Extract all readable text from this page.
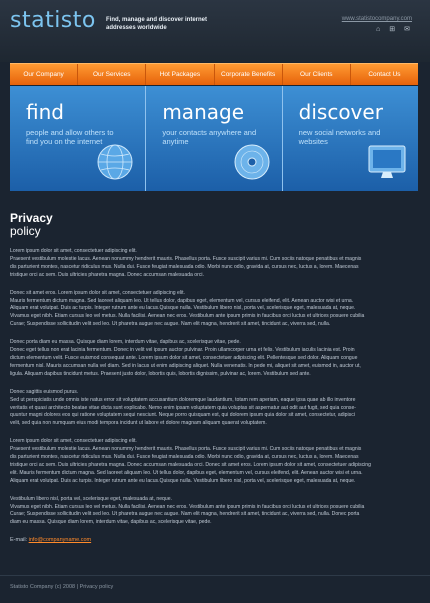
statisto Find, manage and discover internet addresses worldwide
www.statistocompany.com
⌂ ⊞ ✉
Our Company	Our Services	Hot Packages	Corporate Benefits	Our Clients	Contact Us
find
people and allow others to find you on the internet
manage
your contacts anywhere and anytime
discover
new social networks and websites
Privacy
policy

Lorem ipsum dolor sit amet, consectetuer adipiscing elit.

Praesent vestibulum molestie lacus. Aenean nonummy hendrerit mauris. Phasellus porta. Fusce suscipit varius mi. Cum sociis natoque penatibus et magnis

dis parturient montes, nascetur ridiculus mus. Nulla dui. Fusce feugiat malesuada odio. Morbi nunc odio, gravida at, cursus nec, luctus a, lorem. Maecenas

tristique orci ac sem. Duis ultricies pharetra magna. Donec accumsan malesuada orci.

Donec sit amet eros. Lorem ipsum dolor sit amet, consectetuer adipiscing elit.

Mauris fermentum dictum magna. Sed laoreet aliquam leo. Ut tellus dolor, dapibus eget, elementum vel, cursus eleifend, elit. Aenean auctor wisi et urna.

Aliquam erat volutpat. Duis ac turpis. Integer rutrum ante eu lacus.Quisque nulla. Vestibulum libero nisl, porta vel, scelerisque eget, malesuada at, neque.

Vivamus eget nibh. Etiam cursus leo vel metus. Nulla facilisi. Aenean nec eros. Vestibulum ante ipsum primis in faucibus orci luctus et ultrices posuere cubilia

Curae; Suspendisse sollicitudin velit sed leo. Ut pharetra augue nec augue. Nam elit magna, hendrerit sit amet, tincidunt ac, viverra sed, nulla.

Donec porta diam eu massa. Quisque diam lorem, interdum vitae, dapibus ac, scelerisque vitae, pede.

Donec eget tellus non erat lacinia fermentum. Donec in velit vel ipsum auctor pulvinar. Proin ullamcorper urna et felis. Vestibulum iaculis lacinia est. Proin

dictum elementum velit. Fusce euismod consequat ante. Lorem ipsum dolor sit amet, consectetuer adipiscing elit. Pellentesque sed dolor. Aliquam congue

fermentum nisl. Mauris accumsan nulla vel diam. Sed in lacus ut enim adipiscing aliquet. Nulla venenatis. In pede mi, aliquet sit amet, euismod in, auctor ut,

ligula. Aliquam dapibus tincidunt metus. Praesent justo dolor, lobortis quis, lobortis dignissim, pulvinar ac, lorem. Vestibulum sed ante.

Donec sagittis euismod purus.

Sed ut perspiciatis unde omnis iste natus error sit voluptatem accusantium doloremque laudantium, totam rem aperiam, eaque ipsa quae ab illo inventore

veritatis et quasi architecto beatae vitae dicta sunt explicabo. Nemo enim ipsam voluptatem quia voluptas sit aspernatur aut odit aut fugit, sed quia conse-

quuntur magni dolores eos qui ratione voluptatem sequi nesciunt. Neque porro quisquam est, qui dolorem ipsum quia dolor sit amet, consectetur, adipisci

velit, sed quia non numquam eius modi tempora incidunt ut labore et dolore magnam aliquam quaerat voluptatem.

Lorem ipsum dolor sit amet, consectetuer adipiscing elit.

Praesent vestibulum molestie lacus. Aenean nonummy hendrerit mauris. Phasellus porta. Fusce suscipit varius mi. Cum sociis natoque penatibus et magnis

dis parturient montes, nascetur ridiculus mus. Nulla dui. Fusce feugiat malesuada odio. Morbi nunc odio, gravida at, cursus nec, luctus a, lorem. Maecenas

tristique orci ac sem. Duis ultricies pharetra magna. Donec accumsan malesuada orci. Donec sit amet eros. Lorem ipsum dolor sit amet, consectetuer adipiscing

elit. Mauris fermentum dictum magna. Sed laoreet aliquam leo. Ut tellus dolor, dapibus eget, elementum vel, cursus eleifend, elit. Aenean auctor wisi et urna.

Aliquam erat volutpat. Duis ac turpis. Integer rutrum ante eu lacus.Quisque nulla. Vestibulum libero nisl, porta vel, scelerisque eget, malesuada at, neque.

Vestibulum libero nisl, porta vel, scelerisque eget, malesuada at, neque.

Vivamus eget nibh. Etiam cursus leo vel metus. Nulla facilisi. Aenean nec eros. Vestibulum ante ipsum primis in faucibus orci luctus et ultrices posuere cubilia

Curae; Suspendisse sollicitudin velit sed leo. Ut pharetra augue nec augue. Nam elit magna, hendrerit sit amet, tincidunt ac, viverra sed, nulla. Donec porta

diam eu massa. Quisque diam lorem, interdum vitae, dapibus ac, scelerisque vitae, pede.

E-mail: info@companyname.com
Statisto Company (c) 2008 | Privacy policy
